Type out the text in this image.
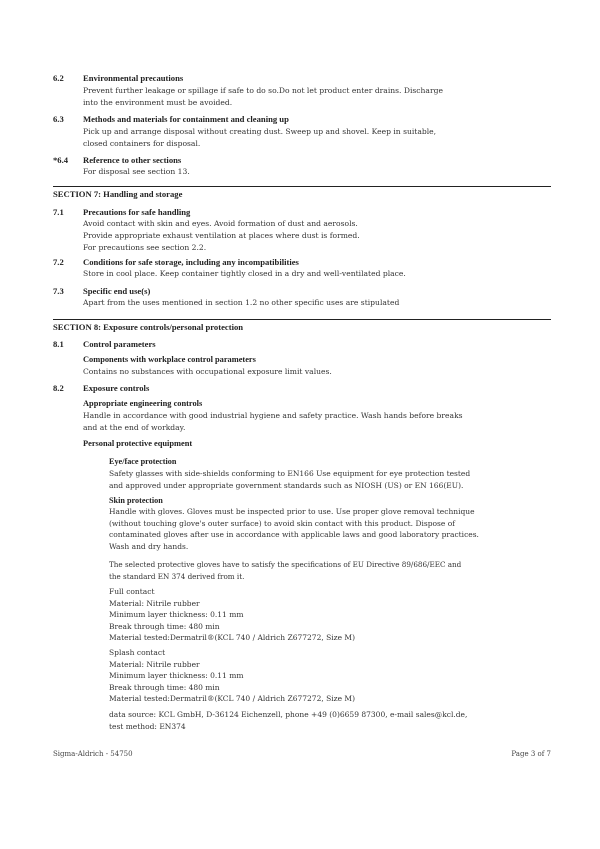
6.2 Environmental precautions

Prevent further leakage or spillage if safe to do so.Do not let product enter drains. Discharge

into the environment must be avoided.

6.3 Methods and materials for containment and cleaning up

Pick up and arrange disposal without creating dust. Sweep up and shovel. Keep in suitable,

closed containers for disposal.

*6.4 Reference to other sections

For disposal see section 13.

SECTION 7: Handling and storage
7.1 Precautions for safe handling

Avoid contact with skin and eyes. Avoid formation of dust and aerosols.

Provide appropriate exhaust ventilation at places where dust is formed.

For precautions see section 2.2.

7.2 Conditions for safe storage, including any incompatibilities

Store in cool place. Keep container tightly closed in a dry and well-ventilated place.

7.3 Specific end use(s)

Apart from the uses mentioned in section 1.2 no other specific uses are stipulated

SECTION 8: Exposure controls/personal protection
8.1 Control parameters
Components with workplace control parameters

Contains no substances with occupational exposure limit values.

8.2 Exposure controls
Appropriate engineering controls

Handle in accordance with good industrial hygiene and safety practice. Wash hands before breaks

and at the end of workday.

Personal protective equipment
Eye/face protection

Safety glasses with side-shields conforming to EN166 Use equipment for eye protection tested

and approved under appropriate government standards such as NIOSH (US) or EN 166(EU).

Skin protection

Handle with gloves. Gloves must be inspected prior to use. Use proper glove removal technique

(without touching glove's outer surface) to avoid skin contact with this product. Dispose of

contaminated gloves after use in accordance with applicable laws and good laboratory practices.

Wash and dry hands.

The selected protective gloves have to satisfy the specifications of EU Directive 89/686/EEC and

the standard EN 374 derived from it.

Full contact

Material: Nitrile rubber

Minimum layer thickness: 0.11 mm

Break through time: 480 min

Material tested:Dermatril®(KCL 740 / Aldrich Z677272, Size M)

Splash contact

Material: Nitrile rubber

Minimum layer thickness: 0.11 mm

Break through time: 480 min

Material tested:Dermatril®(KCL 740 / Aldrich Z677272, Size M)

data source: KCL GmbH, D-36124 Eichenzell, phone +49 (0)6659 87300, e-mail sales@kcl.de,

test method: EN374

Sigma-Aldrich - 54750	Page 3 of 7
